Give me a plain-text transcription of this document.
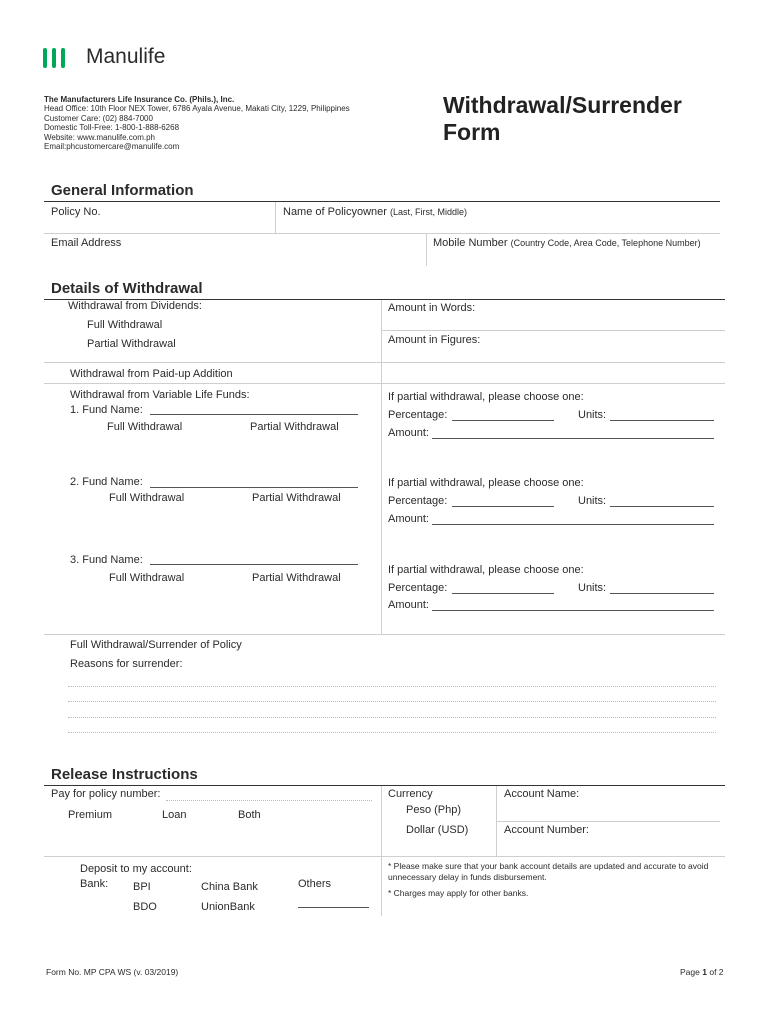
Manulife
The Manufacturers Life Insurance Co. (Phils.), Inc.
Head Office: 10th Floor NEX Tower, 6786 Ayala Avenue, Makati City, 1229, Philippines
Customer Care: (02) 884-7000
Domestic Toll-Free: 1-800-1-888-6268
Website: www.manulife.com.ph
Email:phcustomercare@manulife.com
Withdrawal/Surrender
Form
General Information
Policy No.	Name of Policyowner (Last, First, Middle)
Email Address	Mobile Number (Country Code, Area Code, Telephone Number)
Details of Withdrawal
Withdrawal from Dividends:
Full Withdrawal
Partial Withdrawal
Amount in Words:
Amount in Figures:
Withdrawal from Paid-up Addition
Withdrawal from Variable Life Funds:
1. Fund Name:
Full Withdrawal	Partial Withdrawal
If partial withdrawal, please choose one:
Percentage:	Units:
Amount:
2. Fund Name:
Full Withdrawal	Partial Withdrawal
If partial withdrawal, please choose one:
Percentage:	Units:
Amount:
3. Fund Name:
Full Withdrawal	Partial Withdrawal
If partial withdrawal, please choose one:
Percentage:	Units:
Amount:
Full Withdrawal/Surrender of Policy
Reasons for surrender:
Release Instructions
Pay for policy number:
Premium	Loan	Both
Currency
Peso (Php)
Dollar (USD)
Account Name:
Account Number:
Deposit to my account:
Bank: BPI	China Bank
BDO	UnionBank
Others
* Please make sure that your bank account details are updated and accurate to avoid unnecessary delay in funds disbursement.
* Charges may apply for other banks.
Form No. MP CPA WS (v. 03/2019)	Page 1 of 2
